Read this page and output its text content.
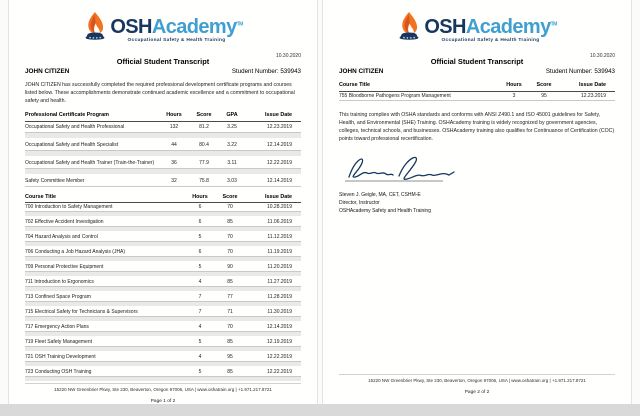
OSHAcademy™
Occupational Safety & Health Training
Official Student Transcript
10.30.2020
JOHN CITIZEN	Student Number: 539943

JOHN CITIZEN has successfully completed the required professional development certificate programs and courses listed below. These accomplishments demonstrate continued academic excellence and a commitment to occupational safety and health.

Professional Certificate Program	Hours	Score	GPA	Issue Date
Occupational Safety and Health Professional	132	81.2	3.25	12.23.2019
Occupational Safety and Health Specialist	44	80.4	3.22	12.14.2019
Occupational Safety and Health Trainer (Train-the-Trainer)	36	77.9	3.11	12.22.2019
Safety Committee Member	32	75.8	3.03	12.14.2019
Course Title	Hours	Score	Issue Date
700 Introduction to Safety Management	6	70	10.28.2019
702 Effective Accident Investigation	6	85	11.06.2019
704 Hazard Analysis and Control	5	70	11.12.2019
706 Conducting a Job Hazard Analysis (JHA)	6	70	11.19.2019
709 Personal Protective Equipment	5	90	11.20.2019
711 Introduction to Ergonomics	4	85	11.27.2019
713 Confined Space Program	7	77	11.28.2019
715 Electrical Safety for Technicians & Supervisors	7	71	11.30.2019
717 Emergency Action Plans	4	70	12.14.2019
719 Fleet Safety Management	5	85	12.19.2019
721 OSH Training Development	4	95	12.22.2019
723 Conducting OSH Training	5	85	12.22.2019
15220 NW Greenbrier Pkwy, Ste 230, Beaverton, Oregon 97006, USA | www.oshatrain.org | +1.971.217.8721
Page 1 of 2
OSHAcademy™
Occupational Safety & Health Training
Official Student Transcript
10.30.2020
JOHN CITIZEN	Student Number: 539943
Course Title	Hours	Score	Issue Date
755 Bloodborne Pathogens Program Management	3	95	12.23.2019

This training complies with OSHA standards and conforms with ANSI Z490.1 and ISO 45001 guidelines for Safety, Health, and Environmental (SHE) Training. OSHAcademy training is widely recognized by government agencies, colleges, technical schools, and businesses. OSHAcademy training also qualifies for Continuance of Certification (COC) points toward professional recertification.

Steven J. Geigle, MA, CET, CSHM-E
Director, Instructor
OSHAcademy Safety and Health Training
15220 NW Greenbrier Pkwy, Ste 230, Beaverton, Oregon 97006, USA | www.oshatrain.org | +1.971.217.8721
Page 2 of 2
